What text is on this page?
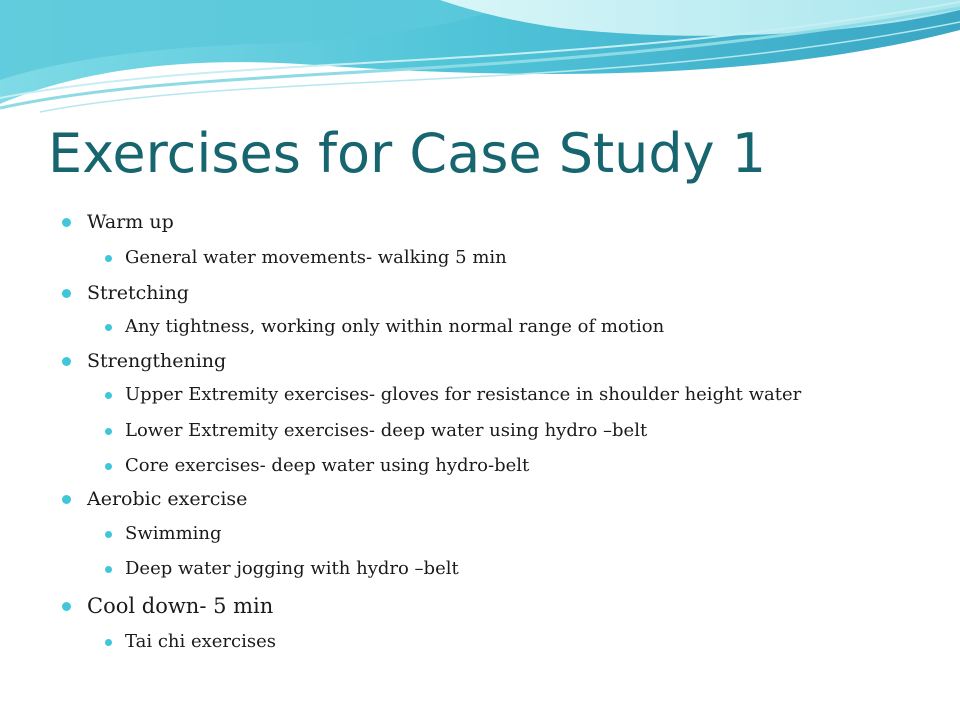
Exercises for Case Study 1
Warm up
General water movements- walking 5 min
Stretching
Any tightness, working only within normal range of motion
Strengthening
Upper Extremity exercises- gloves for resistance in shoulder height water
Lower Extremity exercises- deep water using hydro –belt
Core exercises- deep water using hydro-belt
Aerobic exercise
Swimming
Deep water jogging with hydro –belt
Cool down- 5 min
Tai chi exercises
